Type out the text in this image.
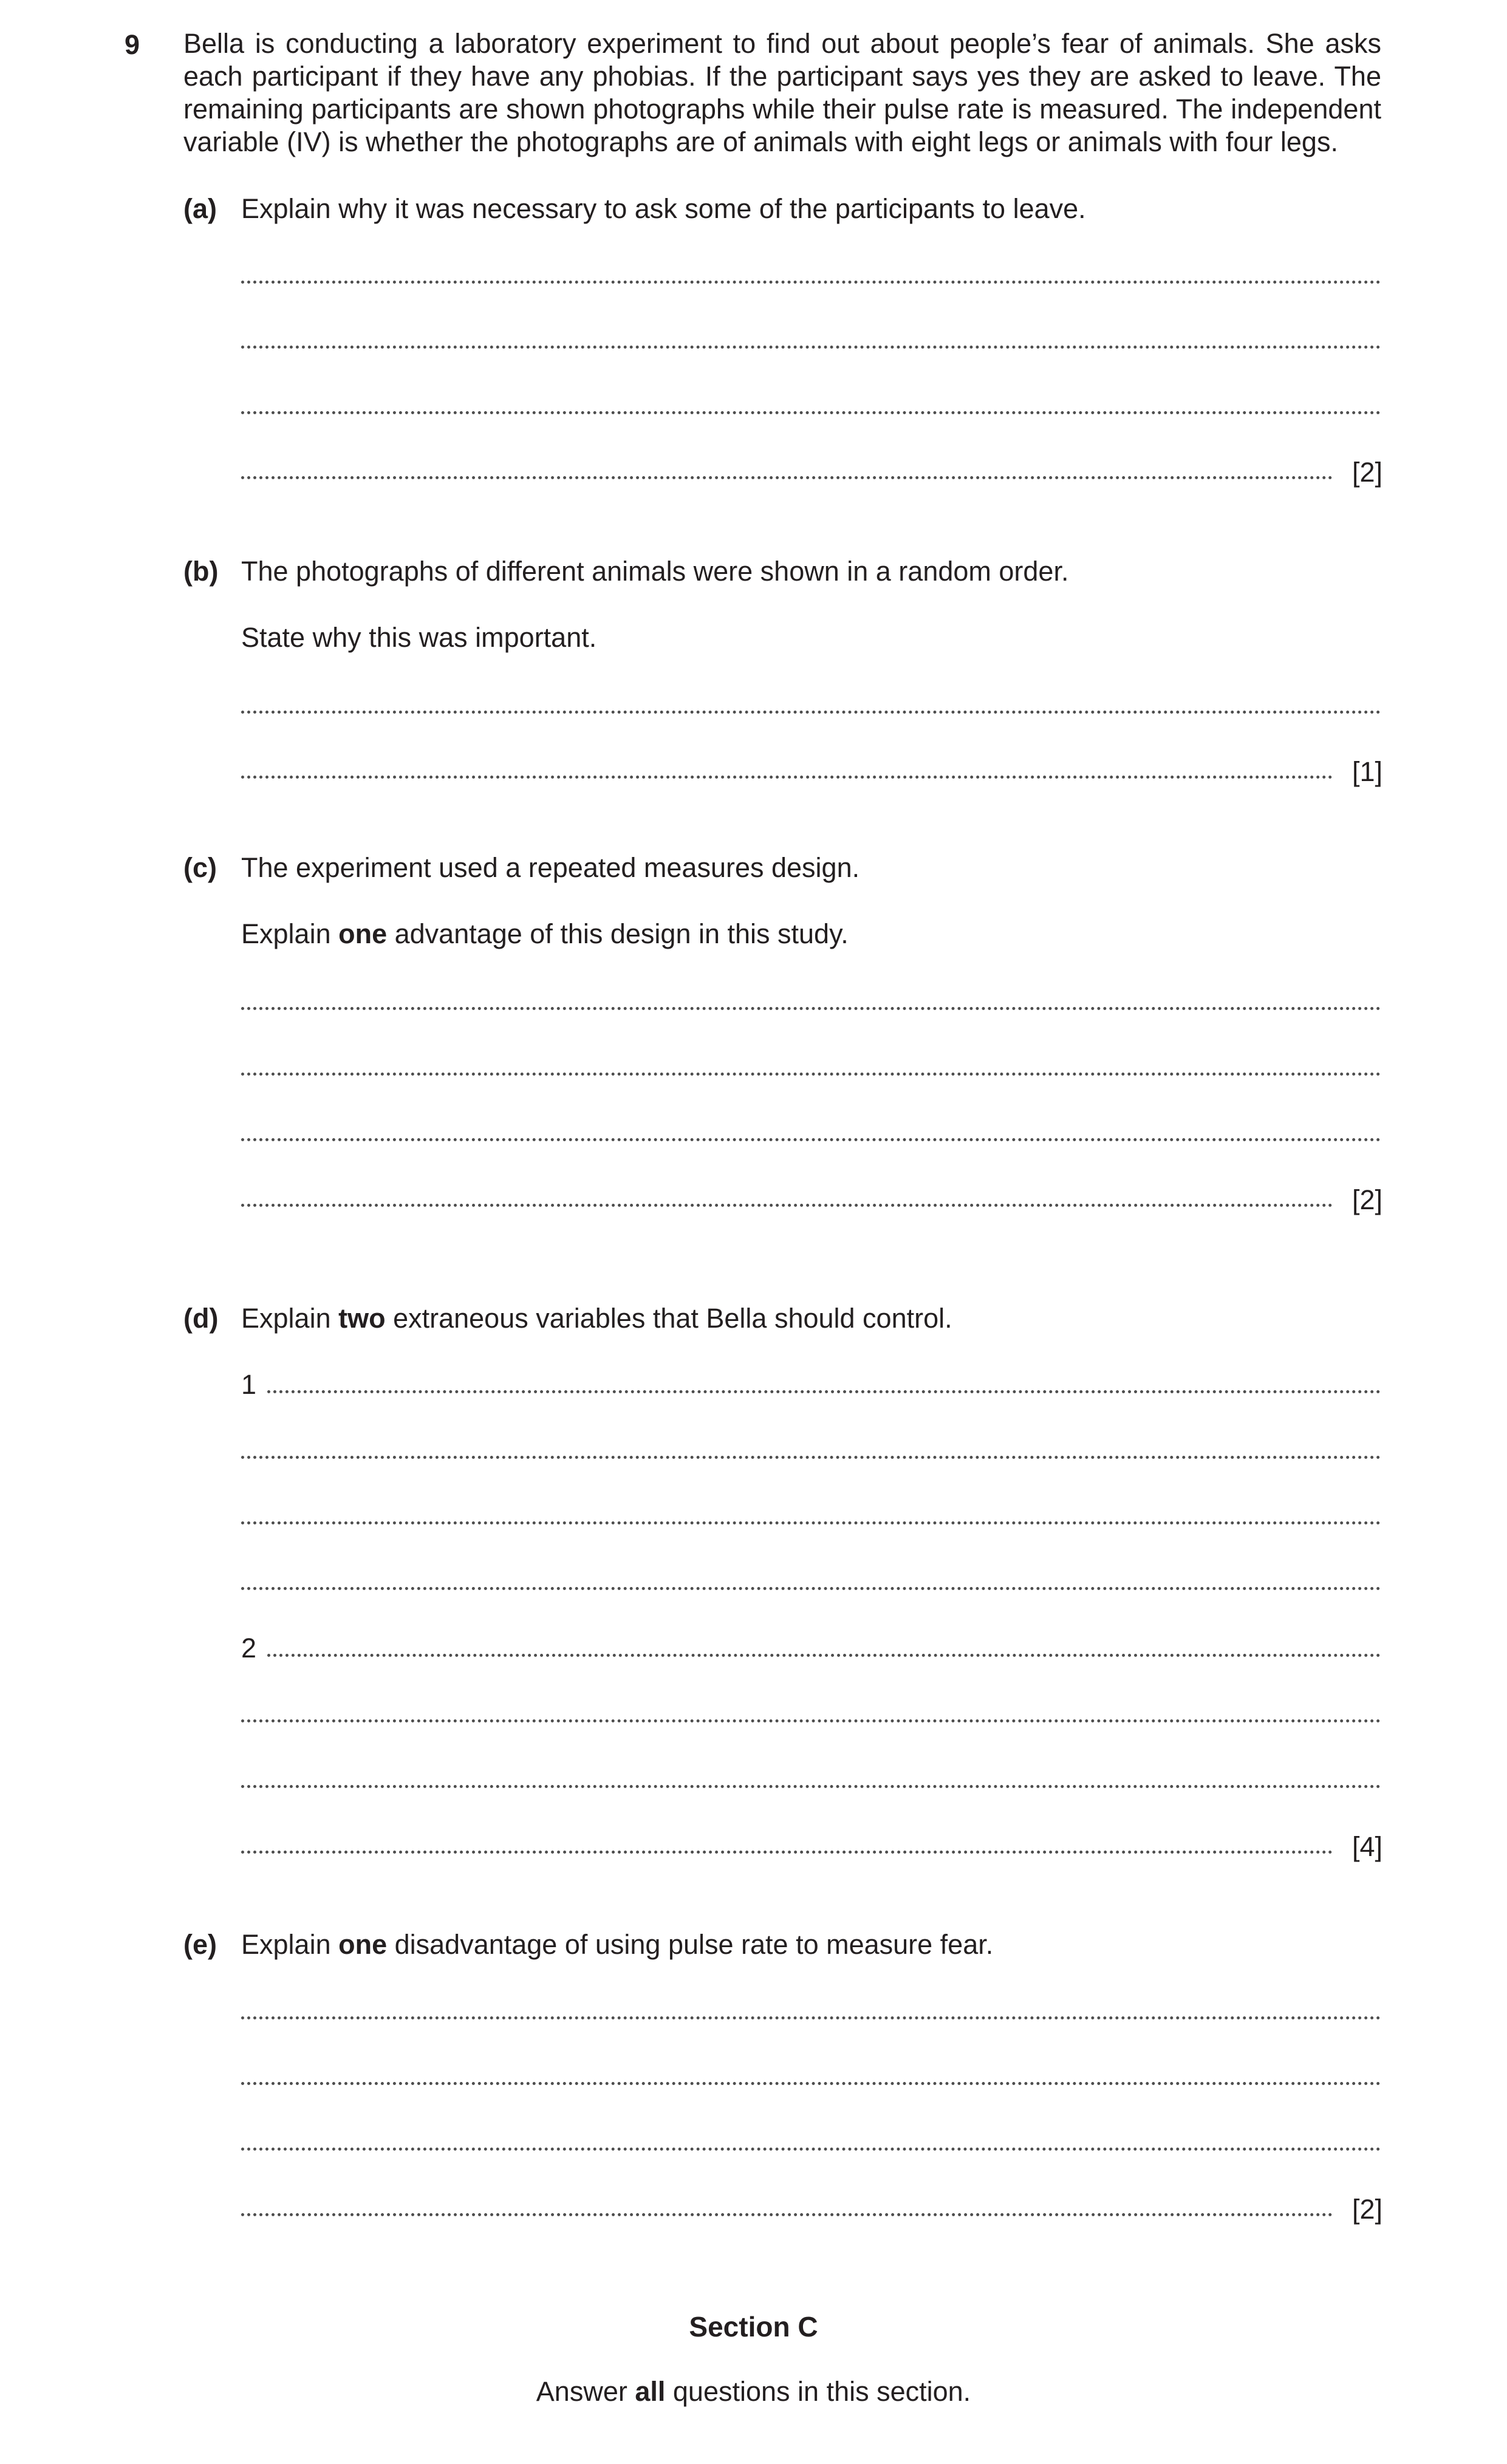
9 Bella is conducting a laboratory experiment to find out about people’s fear of animals. She asks each participant if they have any phobias. If the participant says yes they are asked to leave. The remaining participants are shown photographs while their pulse rate is measured. The independent variable (IV) is whether the photographs are of animals with eight legs or animals with four legs.

(a) Explain why it was necessary to ask some of the participants to leave.
[2]
(b) The photographs of different animals were shown in a random order.
State why this was important.
[1]
(c) The experiment used a repeated measures design.
Explain one advantage of this design in this study.
[2]
(d) Explain two extraneous variables that Bella should control.
1
2
[4]
(e) Explain one disadvantage of using pulse rate to measure fear.
[2]
Section C
Answer all questions in this section.
